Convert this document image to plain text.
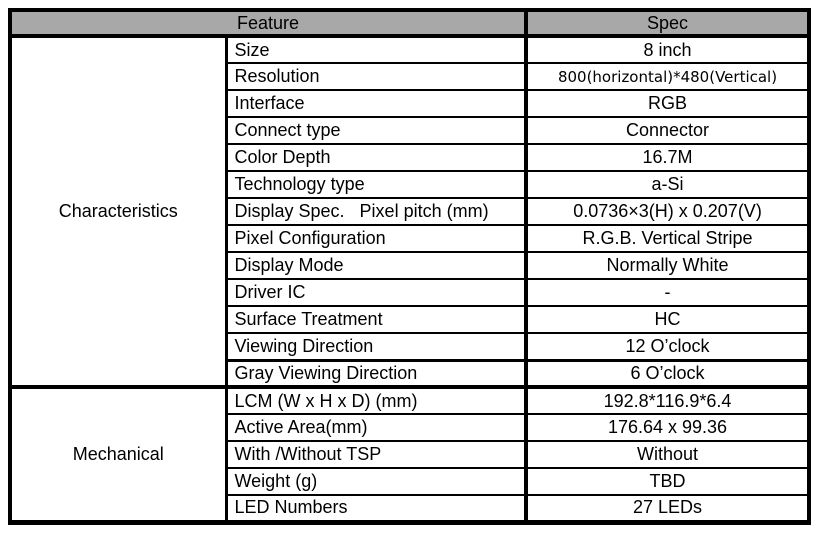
Feature		Spec
Characteristics	Size	8 inch
	Resolution	800(horizontal)*480(Vertical)
	Interface	RGB
	Connect type	Connector
	Color Depth	16.7M
	Technology type	a-Si
	Display Spec.   Pixel pitch (mm)	0.0736×3(H) x 0.207(V)
	Pixel Configuration	R.G.B. Vertical Stripe
	Display Mode	Normally White
	Driver IC	-
	Surface Treatment	HC
	Viewing Direction	12 O’clock
	Gray Viewing Direction	6 O’clock
Mechanical	LCM (W x H x D) (mm)	192.8*116.9*6.4
	Active Area(mm)	176.64 x 99.36
	With /Without TSP	Without
	Weight (g)	TBD
	LED Numbers	27 LEDs
